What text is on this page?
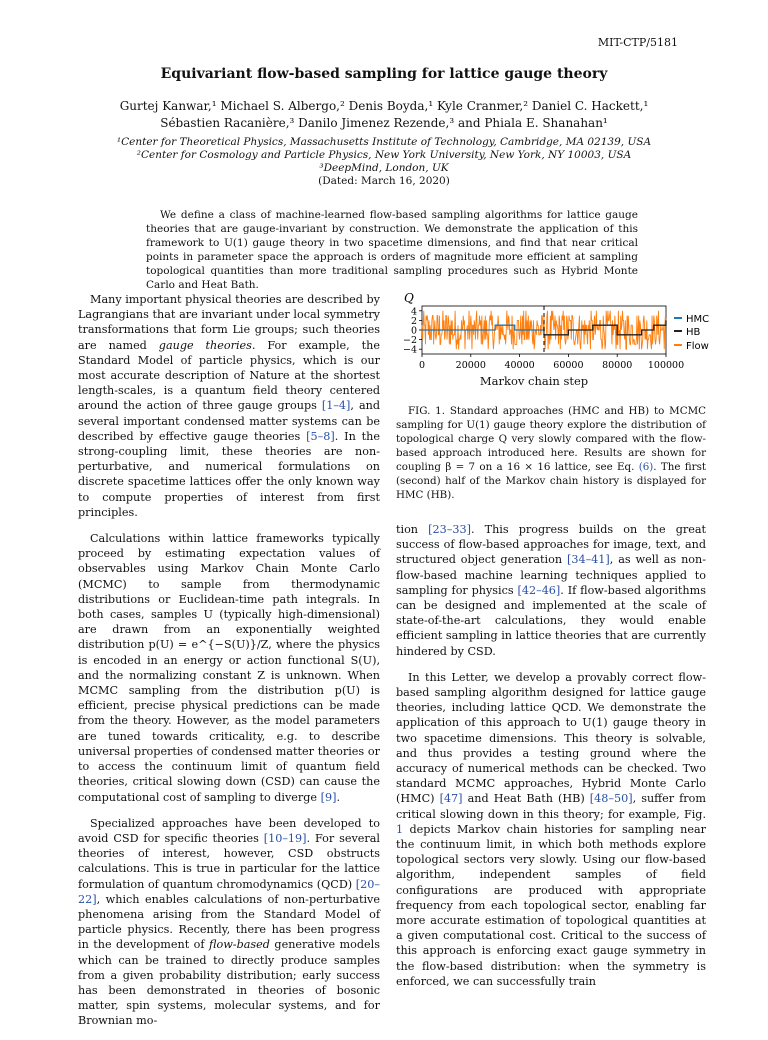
MIT-CTP/5181
Equivariant flow-based sampling for lattice gauge theory
Gurtej Kanwar,¹ Michael S. Albergo,² Denis Boyda,¹ Kyle Cranmer,² Daniel C. Hackett,¹
Sébastien Racanière,³ Danilo Jimenez Rezende,³ and Phiala E. Shanahan¹
¹Center for Theoretical Physics, Massachusetts Institute of Technology, Cambridge, MA 02139, USA
²Center for Cosmology and Particle Physics, New York University, New York, NY 10003, USA
³DeepMind, London, UK
(Dated: March 16, 2020)
We define a class of machine-learned flow-based sampling algorithms for lattice gauge theories that are gauge-invariant by construction. We demonstrate the application of this framework to U(1) gauge theory in two spacetime dimensions, and find that near critical points in parameter space the approach is orders of magnitude more efficient at sampling topological quantities than more traditional sampling procedures such as Hybrid Monte Carlo and Heat Bath.

Many important physical theories are described by Lagrangians that are invariant under local symmetry transformations that form Lie groups; such theories are named gauge theories. For example, the Standard Model of particle physics, which is our most accurate description of Nature at the shortest length-scales, is a quantum field theory centered around the action of three gauge groups [1–4], and several important condensed matter systems can be described by effective gauge theories [5–8]. In the strong-coupling limit, these theories are non-perturbative, and numerical formulations on discrete spacetime lattices offer the only known way to compute properties of interest from first principles.

Calculations within lattice frameworks typically proceed by estimating expectation values of observables using Markov Chain Monte Carlo (MCMC) to sample from thermodynamic distributions or Euclidean-time path integrals. In both cases, samples U (typically high-dimensional) are drawn from an exponentially weighted distribution p(U) = e^{−S(U)}/Z, where the physics is encoded in an energy or action functional S(U), and the normalizing constant Z is unknown. When MCMC sampling from the distribution p(U) is efficient, precise physical predictions can be made from the theory. However, as the model parameters are tuned towards criticality, e.g. to describe universal properties of condensed matter theories or to access the continuum limit of quantum field theories, critical slowing down (CSD) can cause the computational cost of sampling to diverge [9].

Specialized approaches have been developed to avoid CSD for specific theories [10–19]. For several theories of interest, however, CSD obstructs calculations. This is true in particular for the lattice formulation of quantum chromodynamics (QCD) [20–22], which enables calculations of non-perturbative phenomena arising from the Standard Model of particle physics. Recently, there has been progress in the development of flow-based generative models which can be trained to directly produce samples from a given probability distribution; early success has been demonstrated in theories of bosonic matter, spin systems, molecular systems, and for Brownian mo-

Q
4
2
0
−2
−4
0	20000 40000 60000 80000 100000
HMC
HB
Flow
Markov chain step
FIG. 1. Standard approaches (HMC and HB) to MCMC sampling for U(1) gauge theory explore the distribution of topological charge Q very slowly compared with the flow-based approach introduced here. Results are shown for coupling β = 7 on a 16 × 16 lattice, see Eq. (6). The first (second) half of the Markov chain history is displayed for HMC (HB).

tion [23–33]. This progress builds on the great success of flow-based approaches for image, text, and structured object generation [34–41], as well as non-flow-based machine learning techniques applied to sampling for physics [42–46]. If flow-based algorithms can be designed and implemented at the scale of state-of-the-art calculations, they would enable efficient sampling in lattice theories that are currently hindered by CSD.

In this Letter, we develop a provably correct flow-based sampling algorithm designed for lattice gauge theories, including lattice QCD. We demonstrate the application of this approach to U(1) gauge theory in two spacetime dimensions. This theory is solvable, and thus provides a testing ground where the accuracy of numerical methods can be checked. Two standard MCMC approaches, Hybrid Monte Carlo (HMC) [47] and Heat Bath (HB) [48–50], suffer from critical slowing down in this theory; for example, Fig. 1 depicts Markov chain histories for sampling near the continuum limit, in which both methods explore topological sectors very slowly. Using our flow-based algorithm, independent samples of field configurations are produced with appropriate frequency from each topological sector, enabling far more accurate estimation of topological quantities at a given computational cost. Critical to the success of this approach is enforcing exact gauge symmetry in the flow-based distribution: when the symmetry is enforced, we can successfully train
